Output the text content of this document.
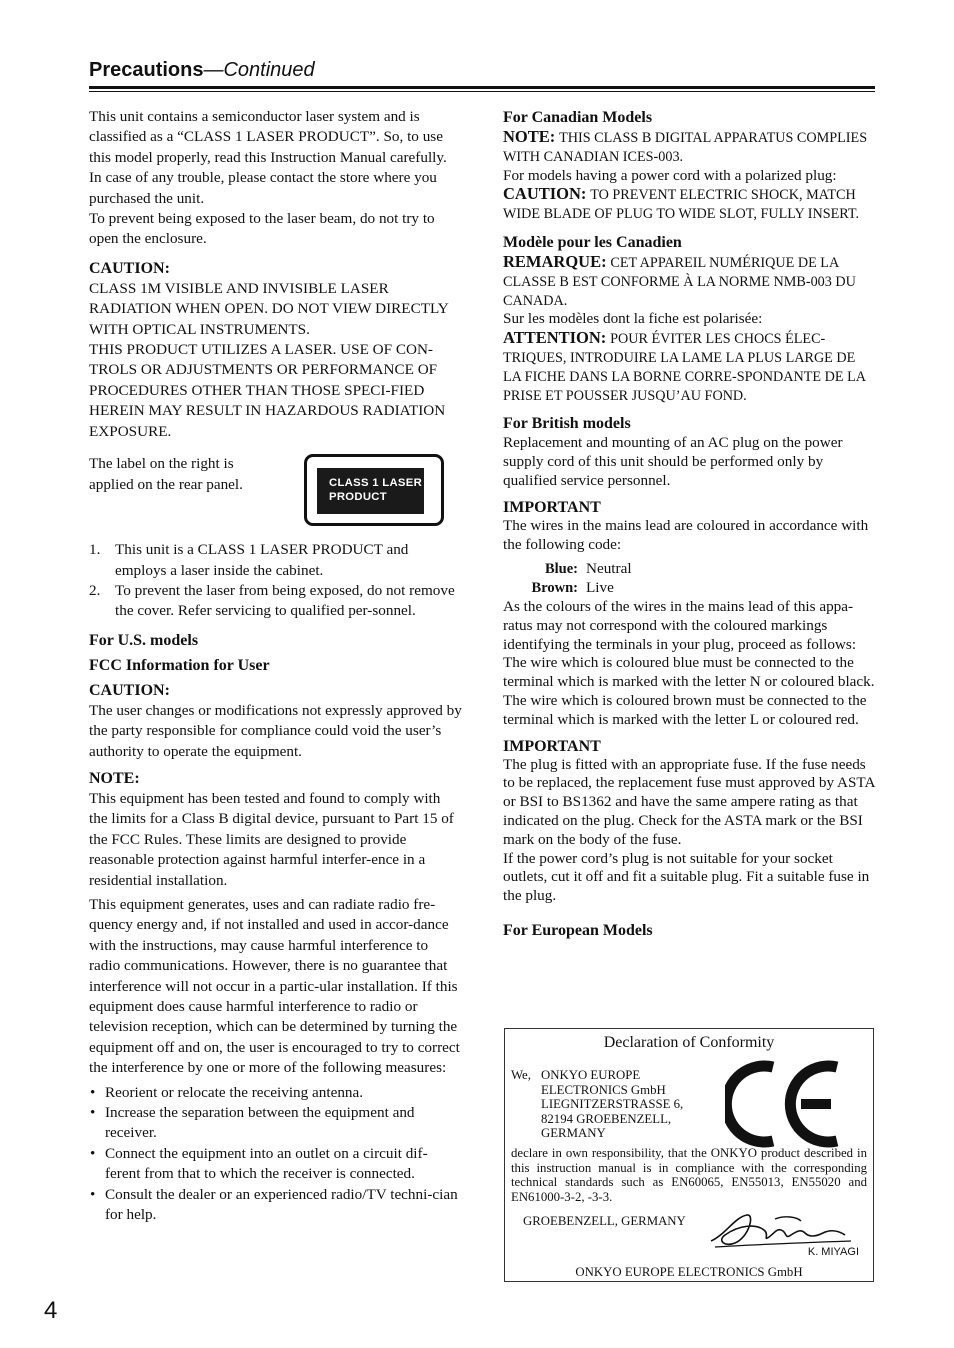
Precautions—Continued

This unit contains a semiconductor laser system and is classified as a “CLASS 1 LASER PRODUCT”. So, to use this model properly, read this Instruction Manual carefully. In case of any trouble, please contact the store where you purchased the unit.

To prevent being exposed to the laser beam, do not try to open the enclosure.

CAUTION:

CLASS 1M VISIBLE AND INVISIBLE LASER RADIATION WHEN OPEN. DO NOT VIEW DIRECTLY WITH OPTICAL INSTRUMENTS.

THIS PRODUCT UTILIZES A LASER. USE OF CON-TROLS OR ADJUSTMENTS OR PERFORMANCE OF PROCEDURES OTHER THAN THOSE SPECI-FIED HEREIN MAY RESULT IN HAZARDOUS RADIATION EXPOSURE.

The label on the right is applied on the rear panel.	CLASS 1 LASER
PRODUCT
1. This unit is a CLASS 1 LASER PRODUCT and employs a laser inside the cabinet.
2. To prevent the laser from being exposed, do not remove the cover. Refer servicing to qualified per-sonnel.
For U.S. models
FCC Information for User
CAUTION:

The user changes or modifications not expressly approved by the party responsible for compliance could void the user’s authority to operate the equipment.

NOTE:

This equipment has been tested and found to comply with the limits for a Class B digital device, pursuant to Part 15 of the FCC Rules. These limits are designed to provide reasonable protection against harmful interfer-ence in a residential installation.

This equipment generates, uses and can radiate radio fre-quency energy and, if not installed and used in accor-dance with the instructions, may cause harmful interference to radio communications. However, there is no guarantee that interference will not occur in a partic-ular installation. If this equipment does cause harmful interference to radio or television reception, which can be determined by turning the equipment off and on, the user is encouraged to try to correct the interference by one or more of the following measures:

• Reorient or relocate the receiving antenna.
• Increase the separation between the equipment and receiver.
• Connect the equipment into an outlet on a circuit dif-ferent from that to which the receiver is connected.
• Consult the dealer or an experienced radio/TV techni-cian for help.
For Canadian Models

NOTE: THIS CLASS B DIGITAL APPARATUS COMPLIES WITH CANADIAN ICES-003.

For models having a power cord with a polarized plug:

CAUTION: TO PREVENT ELECTRIC SHOCK, MATCH WIDE BLADE OF PLUG TO WIDE SLOT, FULLY INSERT.

Modèle pour les Canadien

REMARQUE: CET APPAREIL NUMÉRIQUE DE LA CLASSE B EST CONFORME À LA NORME NMB-003 DU CANADA.

Sur les modèles dont la fiche est polarisée:

ATTENTION: POUR ÉVITER LES CHOCS ÉLEC-TRIQUES, INTRODUIRE LA LAME LA PLUS LARGE DE LA FICHE DANS LA BORNE CORRE-SPONDANTE DE LA PRISE ET POUSSER JUSQU’AU FOND.

For British models

Replacement and mounting of an AC plug on the power supply cord of this unit should be performed only by qualified service personnel.

IMPORTANT

The wires in the mains lead are coloured in accordance with the following code:

Blue: Neutral
Brown: Live

As the colours of the wires in the mains lead of this appa-ratus may not correspond with the coloured markings identifying the terminals in your plug, proceed as follows:

The wire which is coloured blue must be connected to the terminal which is marked with the letter N or coloured black.

The wire which is coloured brown must be connected to the terminal which is marked with the letter L or coloured red.

IMPORTANT

The plug is fitted with an appropriate fuse. If the fuse needs to be replaced, the replacement fuse must approved by ASTA or BSI to BS1362 and have the same ampere rating as that indicated on the plug. Check for the ASTA mark or the BSI mark on the body of the fuse.

If the power cord’s plug is not suitable for your socket outlets, cut it off and fit a suitable plug. Fit a suitable fuse in the plug.

For European Models
Declaration of Conformity
We, ONKYO EUROPE
ELECTRONICS GmbH
LIEGNITZERSTRASSE 6,
82194 GROEBENZELL,
GERMANY
declare in own responsibility, that the ONKYO product described in this instruction manual is in compliance with the corresponding technical standards such as EN60065, EN55013, EN55020 and EN61000-3-2, -3-3.
GROEBENZELL, GERMANY
K. MIYAGI
ONKYO EUROPE ELECTRONICS GmbH
4
